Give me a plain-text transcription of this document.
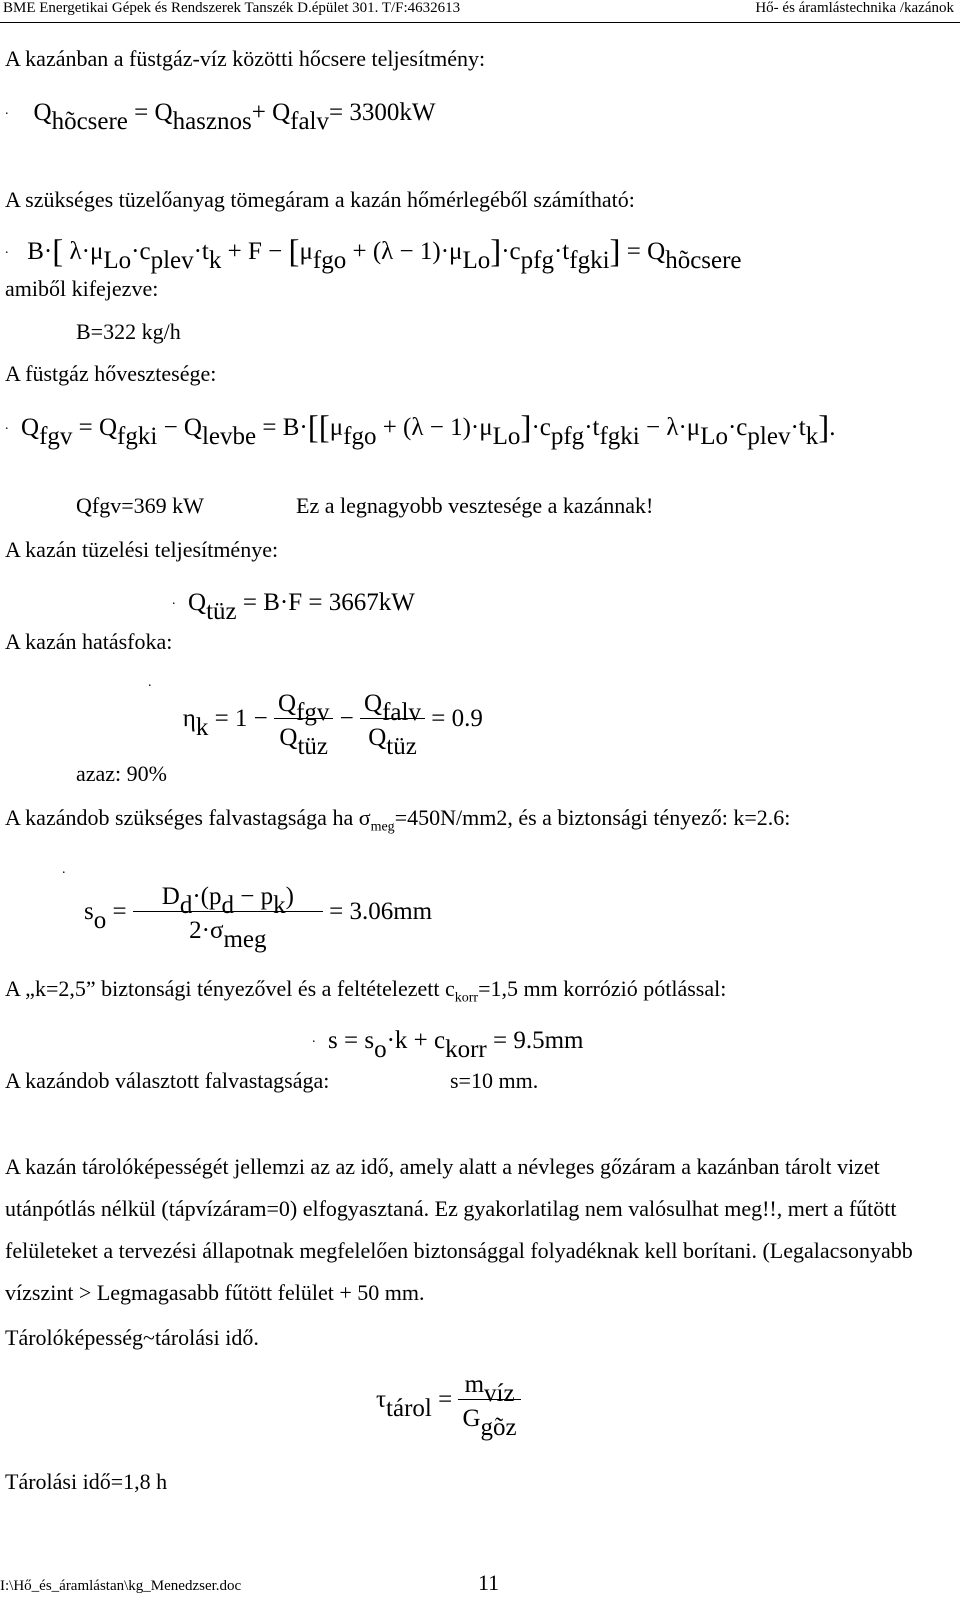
BME Energetikai Gépek és Rendszerek Tanszék D.épület 301. T/F:4632613	Hő- és áramlástechnika /kazánok
A kazánban a füstgáz-víz közötti hőcsere teljesítmény:
.    $Q_{hõcsere} = Q_{hasznos}+ Q_{falv}= 3300kW$
A szükséges tüzelőanyag tömegáram a kazán hőmérlegéből számítható:
.   B·[ $\lambda\cdot\mu_{Lo}\cdot c_{plev}\cdot t_k + F - [\mu_{fgo} + (\lambda - 1)\cdot\mu_{Lo}]\cdot c_{pfg}\cdot t_{fgki}] = Q_{hõcsere}$
amiből kifejezve:
B=322 kg/h
A füstgáz hővesztesége:
.  $Q_{fgv} = Q_{fgki} - Q_{levbe} = B\cdot[[\mu_{fgo} + (\lambda - 1)\cdot\mu_{Lo}]\cdot c_{pfg}\cdot t_{fgki} - \lambda\cdot\mu_{Lo}\cdot c_{plev}\cdot t_k]$.
Qfgv=369 kW	Ez a legnagyobb vesztesége a kazánnak!
A kazán tüzelési teljesítménye:
.  $Q_{tüz} = B\cdot F = 3667kW$
A kazán hatásfoka:
.     $\eta_k = 1 - \frac{Q_{fgv}}{Q_{tüz}} - \frac{Q_{falv}}{Q_{tüz}} = 0.9$
azaz: 90%
A kazándob szükséges falvastagsága ha $\sigma_{meg}=450N/mm2$, és a biztonsági tényező: k=2.6:
.
$s_o = \frac{D_d\cdot(p_d - p_k)}{2\cdot\sigma_{meg}} = 3.06mm$
A „k=2,5” biztonsági tényezővel és a feltételezett $c_{korr}=1,5$ mm korrózió pótlással:
.  $s = s_o\cdot k + c_{korr} = 9.5mm$
A kazándob választott falvastagsága:	s=10 mm.
A kazán tárolóképességét jellemzi az az idő, amely alatt a névleges gőzáram a kazánban tárolt vizet utánpótlás nélkül (tápvízáram=0) elfogyasztaná. Ez gyakorlatilag nem valósulhat meg!!, mert a fűtött felületeket a tervezési állapotnak megfelelően biztonsággal folyadéknak kell borítani. (Legalacsonyabb vízszint > Legmagasabb fűtött felület + 50 mm.
Tárolóképesség~tárolási idő.
$\tau_{tárol} = \frac{m_{víz}}{G_{gõz}}$
Tárolási idő=1,8 h
I:\Hő_és_áramlástan\kg_Menedzser.doc	11
